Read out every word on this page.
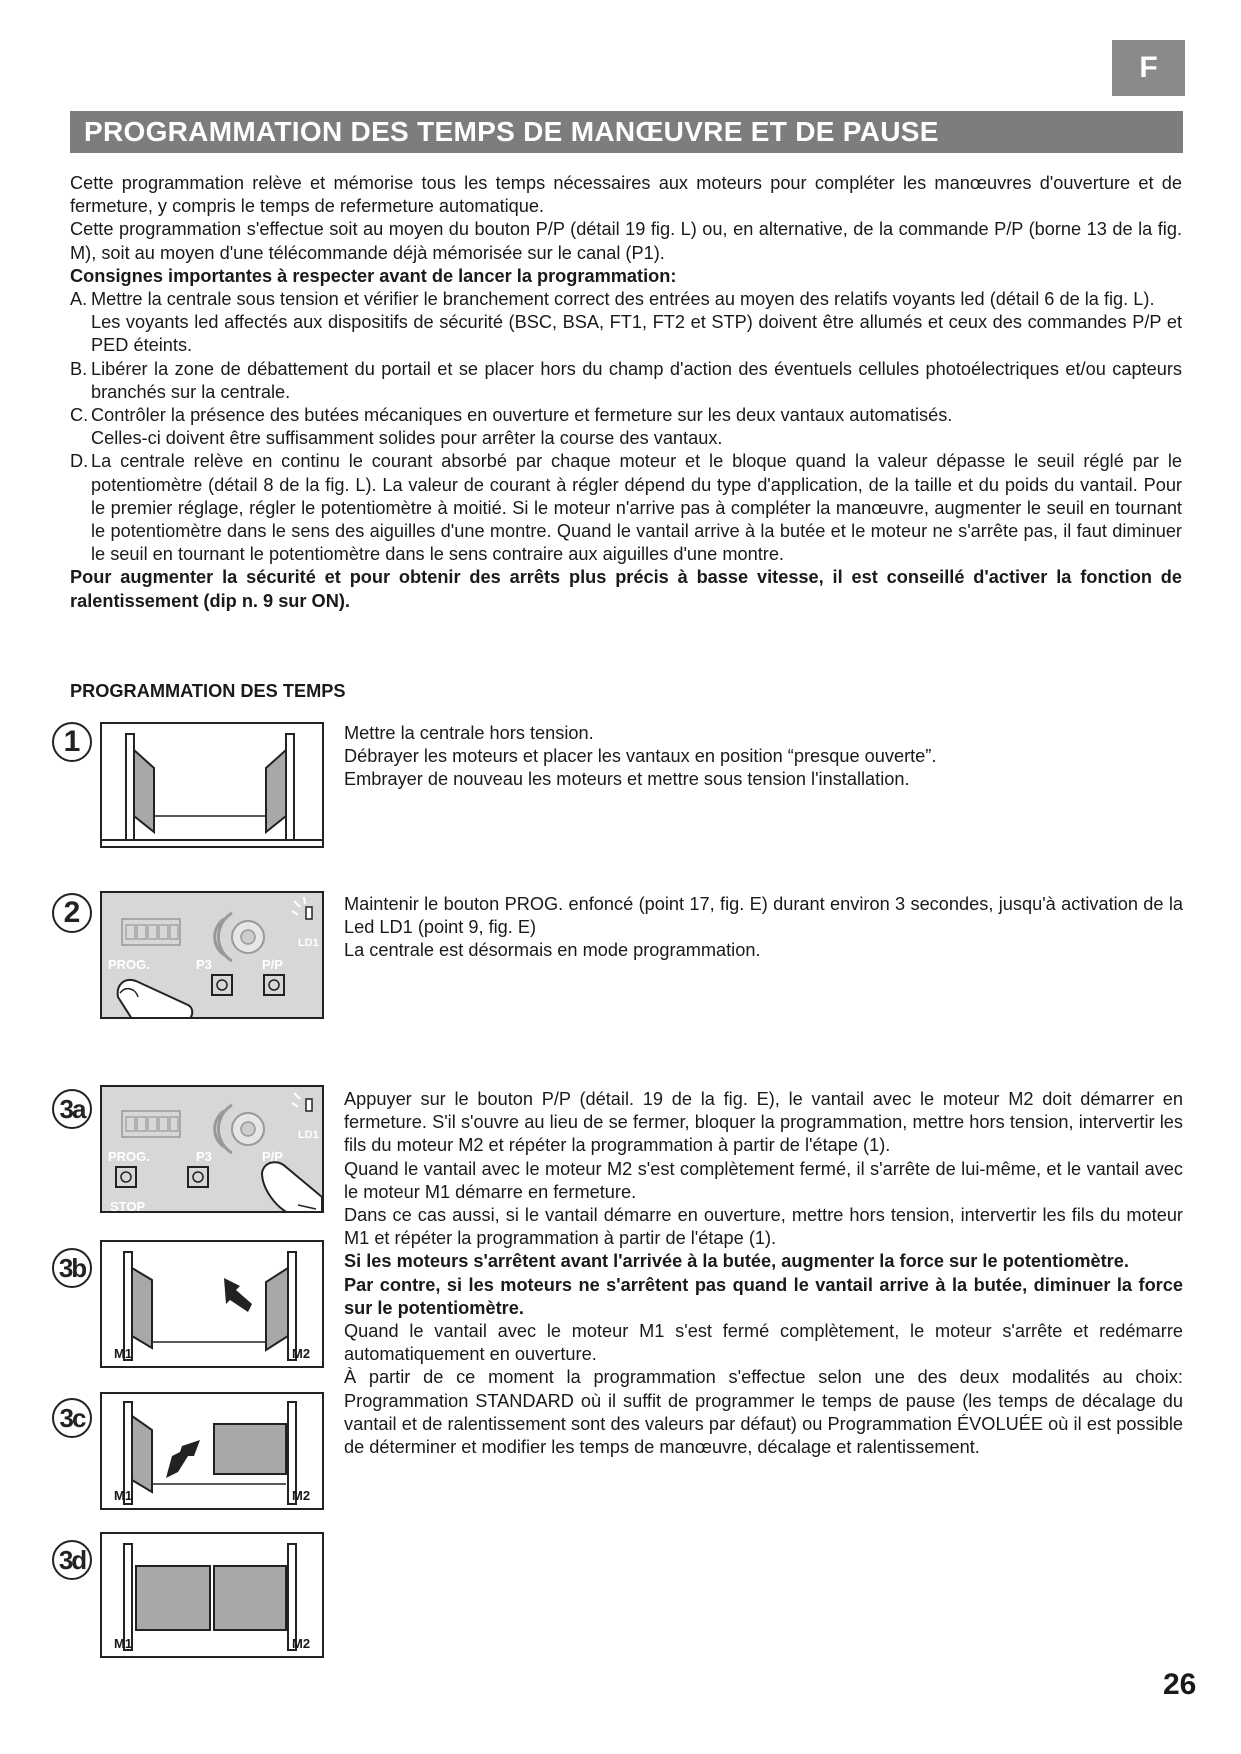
F
PROGRAMMATION DES TEMPS DE MANŒUVRE ET DE PAUSE

Cette programmation relève et mémorise tous les temps nécessaires aux moteurs pour compléter les manœuvres d'ouverture et de fermeture, y compris le temps de refermeture automatique.

Cette programmation s'effectue soit au moyen du bouton P/P (détail 19 fig. L) ou, en alternative, de la commande P/P (borne 13 de la fig. M), soit au moyen d'une télécommande déjà mémorisée sur le canal (P1).

Consignes importantes à respecter avant de lancer la programmation:

A. Mettre la centrale sous tension et vérifier le branchement correct des entrées au moyen des relatifs voyants led (détail 6 de la fig. L).

Les voyants led affectés aux dispositifs de sécurité (BSC, BSA, FT1, FT2 et STP) doivent être allumés et ceux des commandes P/P et PED éteints.

B. Libérer la zone de débattement du portail et se placer hors du champ d'action des éventuels cellules photoélectriques et/ou capteurs branchés sur la centrale.

C. Contrôler la présence des butées mécaniques en ouverture et fermeture sur les deux vantaux automatisés.

Celles-ci doivent être suffisamment solides pour arrêter la course des vantaux.

D. La centrale relève en continu le courant absorbé par chaque moteur et le bloque quand la valeur dépasse le seuil réglé par le potentiomètre (détail 8 de la fig. L). La valeur de courant à régler dépend du type d'application, de la taille et du poids du vantail. Pour le premier réglage, régler le potentiomètre à moitié. Si le moteur n'arrive pas à compléter la manœuvre, augmenter le seuil en tournant le potentiomètre dans le sens des aiguilles d'une montre. Quand le vantail arrive à la butée et le moteur ne s'arrête pas, il faut diminuer le seuil en tournant le potentiomètre dans le sens contraire aux aiguilles d'une montre.

Pour augmenter la sécurité et pour obtenir des arrêts plus précis à basse vitesse, il est conseillé d'activer la fonction de ralentissement (dip n. 9 sur ON).

PROGRAMMATION DES TEMPS
1	Mettre la centrale hors tension.

Débrayer les moteurs et placer les vantaux en position “presque ouverte”.

Embrayer de nouveau les moteurs et mettre sous tension l'installation.

2
PROG.	P3	P/P
LD1

Maintenir le bouton PROG. enfoncé (point 17, fig. E) durant environ 3 secondes, jusqu'à activation de la Led LD1 (point 9, fig. E)

La centrale est désormais en mode programmation.

3a
PROG.	P3	P/P
LD1
STOP
3b
M1	M2
3c
M1	M2
3d
M1	M2

Appuyer sur le bouton P/P (détail. 19 de la fig. E), le vantail avec le moteur M2 doit démarrer en fermeture. S'il s'ouvre au lieu de se fermer, bloquer la programmation, mettre hors tension, intervertir les fils du moteur M2 et répéter la programmation à partir de l'étape (1).

Quand le vantail avec le moteur M2 s'est complètement fermé, il s'arrête de lui-même, et le vantail avec le moteur M1 démarre en fermeture.

Dans ce cas aussi, si le vantail démarre en ouverture, mettre hors tension, intervertir les fils du moteur M1 et répéter la programmation à partir de l'étape (1).

Si les moteurs s'arrêtent avant l'arrivée à la butée, augmenter la force sur le potentiomètre.

Par contre, si les moteurs ne s'arrêtent pas quand le vantail arrive à la butée, diminuer la force sur le potentiomètre.

Quand le vantail avec le moteur M1 s'est fermé complètement, le moteur s'arrête et redémarre automatiquement en ouverture.

À partir de ce moment la programmation s'effectue selon une des deux modalités au choix: Programmation STANDARD où il suffit de programmer le temps de pause (les temps de décalage du vantail et de ralentissement sont des valeurs par défaut) ou Programmation ÉVOLUÉE où il est possible de déterminer et modifier les temps de manœuvre, décalage et ralentissement.

26
